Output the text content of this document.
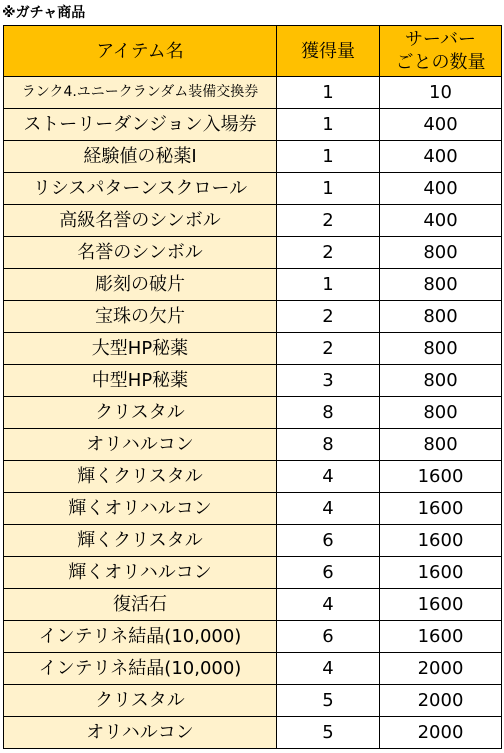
※ガチャ商品
アイテム名	獲得量	サーバー
ごとの数量

ランク4.ユニークランダム装備交換券	1	10
ストーリーダンジョン入場券	1	400
経験値の秘薬Ⅰ	1	400
リシスパターンスクロール	1	400
高級名誉のシンボル	2	400
名誉のシンボル	2	800
彫刻の破片	1	800
宝珠の欠片	2	800
大型HP秘薬	2	800
中型HP秘薬	3	800
クリスタル	8	800
オリハルコン	8	800
輝くクリスタル	4	1600
輝くオリハルコン	4	1600
輝くクリスタル	6	1600
輝くオリハルコン	6	1600
復活石	4	1600
インテリネ結晶(10,000)	6	1600
インテリネ結晶(10,000)	4	2000
クリスタル	5	2000
オリハルコン	5	2000
